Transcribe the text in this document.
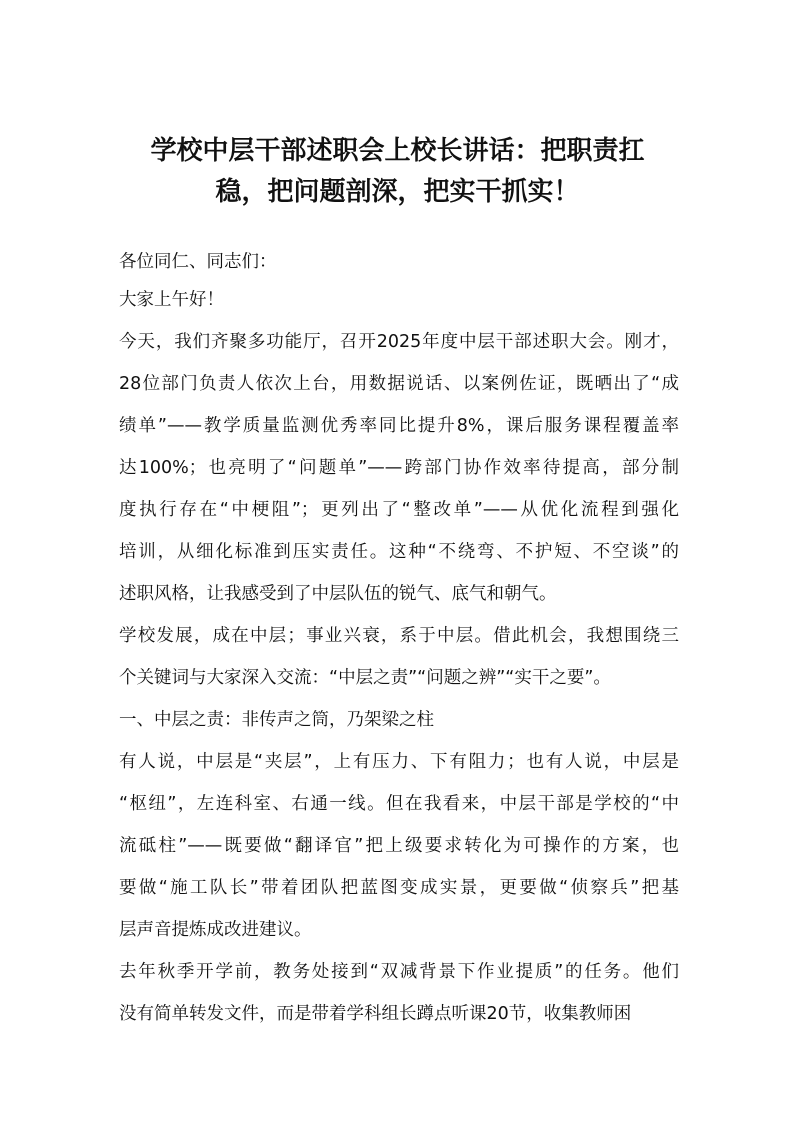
学校中层干部述职会上校长讲话：把职责扛
稳，把问题剖深，把实干抓实！
各位同仁、同志们：
大家上午好！
今天，我们齐聚多功能厅，召开2025年度中层干部述职大会。刚才，
28位部门负责人依次上台，用数据说话、以案例佐证，既晒出了“成
绩单”——教学质量监测优秀率同比提升8%，课后服务课程覆盖率
达100%；也亮明了“问题单”——跨部门协作效率待提高，部分制
度执行存在“中梗阻”；更列出了“整改单”——从优化流程到强化
培训，从细化标准到压实责任。这种“不绕弯、不护短、不空谈”的
述职风格，让我感受到了中层队伍的锐气、底气和朝气。
学校发展，成在中层；事业兴衰，系于中层。借此机会，我想围绕三
个关键词与大家深入交流：“中层之责”“问题之辨”“实干之要”。
一、中层之责：非传声之筒，乃架梁之柱
有人说，中层是“夹层”，上有压力、下有阻力；也有人说，中层是
“枢纽”，左连科室、右通一线。但在我看来，中层干部是学校的“中
流砥柱”——既要做“翻译官”把上级要求转化为可操作的方案，也
要做“施工队长”带着团队把蓝图变成实景，更要做“侦察兵”把基
层声音提炼成改进建议。
去年秋季开学前，教务处接到“双减背景下作业提质”的任务。他们
没有简单转发文件，而是带着学科组长蹲点听课20节，收集教师困
